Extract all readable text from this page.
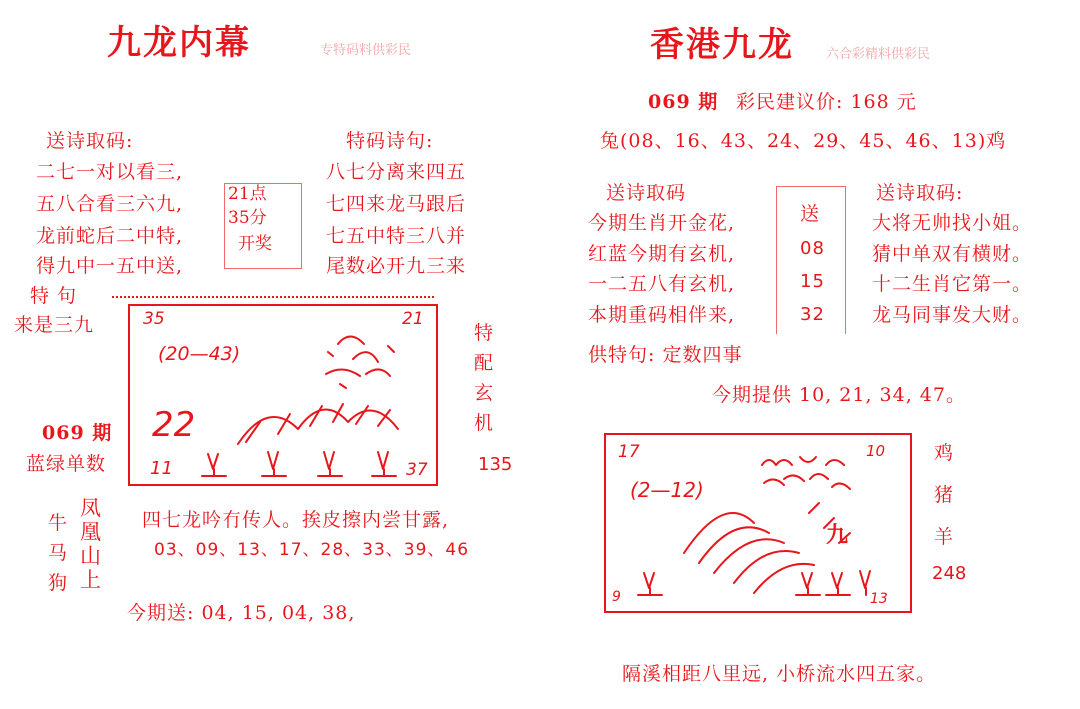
九龙内幕	专特码料供彩民
送诗取码:
二七一对以看三,
五八合看三六九,
龙前蛇后二中特,
得九中一五中送,
21点
35分
开奖
特码诗句:
八七分离来四五
七四来龙马跟后
七五中特三八并
尾数必开九三来
特 句
来是三九	35	21
(20—43)
22
11	37
特
配
玄
机
135
069 期
蓝绿单数
牛
马
狗
凤
凰
山
上
四七龙吟冇传人。挨皮擦内尝甘露,
03、09、13、17、28、33、39、46
今期送: 04, 15, 04, 38,
香港九龙 六合彩精料供彩民
069 期 彩民建议价: 168 元
兔(08、16、43、24、29、45、46、13)鸡
送诗取码
今期生肖开金花,
红蓝今期有玄机,
一二五八有玄机,
本期重码相伴来,
送
08
15
32
送诗取码:
大将无帅找小姐。
猜中单双有横财。
十二生肖它第一。
龙马同事发大财。
供特句: 定数四事
今期提供 10, 21, 34, 47。
17	10
(2—12)
九
9	13
鸡
猪
羊
248
隔溪相距八里远, 小桥流水四五家。
